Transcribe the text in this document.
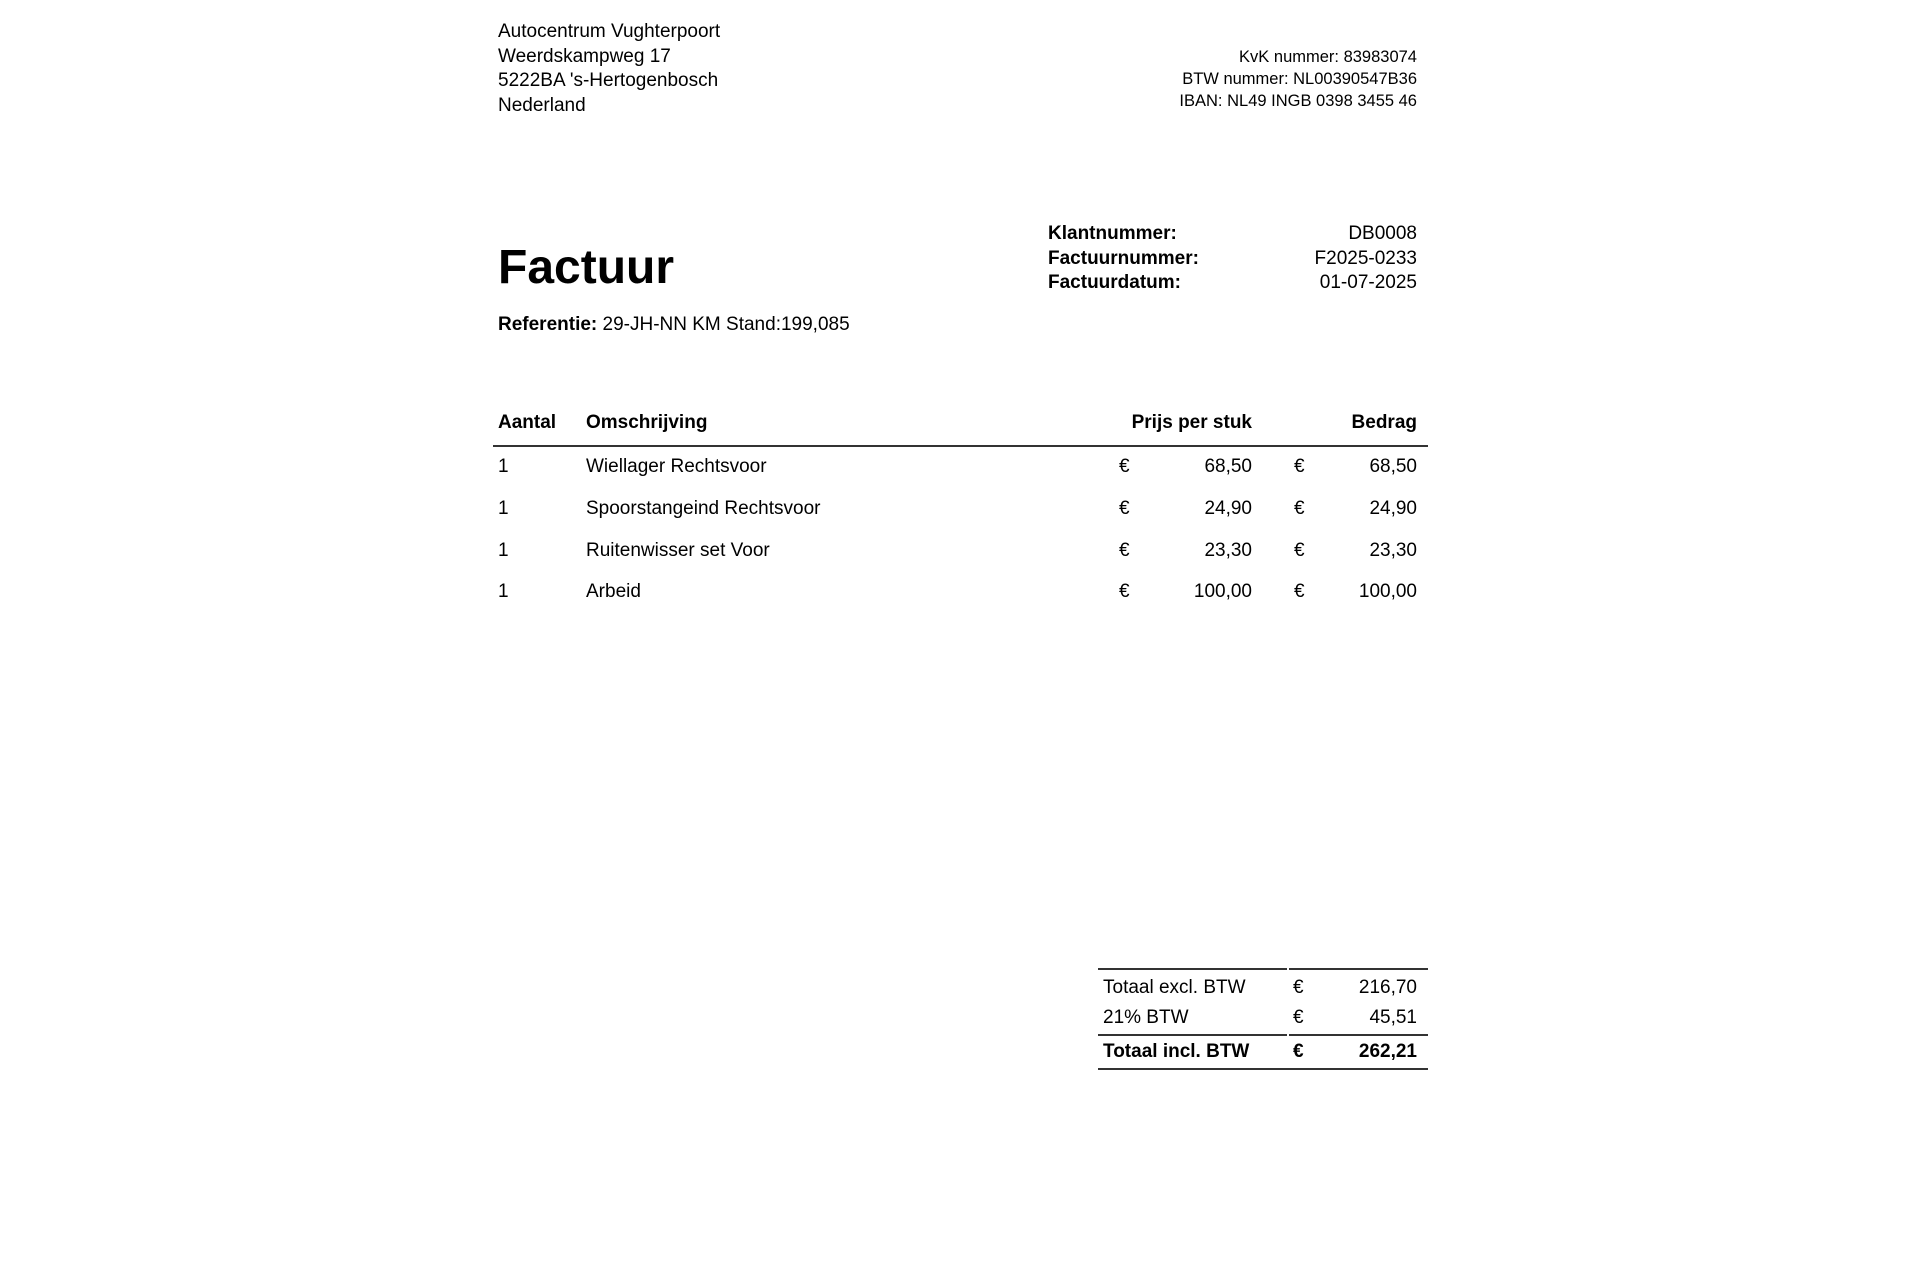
Autocentrum Vughterpoort
Weerdskampweg 17
5222BA 's-Hertogenbosch
Nederland
KvK nummer: 83983074
BTW nummer: NL00390547B36
IBAN: NL49 INGB 0398 3455 46
Klantnummer:	DB0008
Factuurnummer:	F2025-0233
Factuurdatum:	01-07-2025
Factuur
Referentie: 29-JH-NN KM Stand:199,085
Aantal Omschrijving	Prijs per stuk	Bedrag
1	Wiellager Rechtsvoor	€	68,50 €	68,50
1	Spoorstangeind Rechtsvoor	€	24,90 €	24,90
1	Ruitenwisser set Voor	€	23,30 €	23,30
1	Arbeid	€	100,00 €	100,00
Totaal excl. BTW €	216,70
21% BTW	€	45,51
Totaal incl. BTW €	262,21
